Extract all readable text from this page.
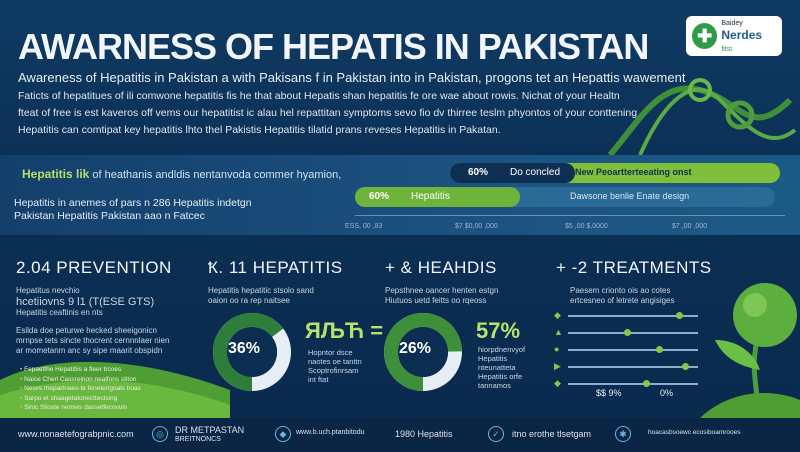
AWARNESS OF HEPATIS IN PAKISTAN
Awareness of Hepatitis in Pakistan a with Pakisans f in Pakistan into in Pakistan, progons tet an Hepattis wawement
Faticts of hepatitues of ili comwone hepatitis fis he that about Hepatis shan hepatitis fe ore wae about rowis. Nichat of your Healtn
fteat of free is est kaveros off vems our hepatitist ic alau hel repattitan symptoms sevo fio dv thirree teslm phyontos of your conttening
Hepatitis can comtipat key hepatitis lhto thel Pakistis Hepatitis tilatid prans reveses Hepatitis in Pakatan.
✚
Baidey
Nerdes fitst
Hepatitis lik of heathanis andldis nentanvoda commer hyamion,
Hepatitis in anemes of pars n 286 Hepatitis indetgn
Pakistan Hepatitis Pakistan aao n Fatcec
60% Do concled New Peoartterteeating onst
60% Hepatitis	Dawsone benlie Enate design
ESS, 00 ,83	$7 $0,00 ,000	$5 ,00 $,0000	$7 ,00 ,000
2.04 PREVENTION
Hepatitus nevchio
hcetiiovns 9 l1 (T(ESE GTS)
Hepatitis ceaftinis en nts
Esilda doe peturwe hecked sheeigonicn
mrnpse tets sincte thocrent cernnnlaer nien
ar mometanm anc sy sipe maarit obspidn
• Fepaetthe Hepatitiis a fleer trcoes
• Naice Cherl Cassreinon nealfons stiton
• Nosvs mepartnaes-te feneterigoals hoas
• Sarpo et shaagetatonecttectsing
• Sinic Slioste nemies dassetfecovuls
Ҟ. 11 HEPATITIS
Hepatitis hepatitic stsolo sand
oaion oo ra rep naitsee
36%
ЯЉЋ =
Hopntor dsce
naotes oe tanttn
Scoptrofinrsam
int ftat
+ & HEAHDIS
Pepsthnee oancer henten estgn
Hiutuos uetd feitts oo rqeoss
26%
57%
hiorpdnenvyof
Hepatitis
nteunatteta
Hepatitis orfe
tannamos
+ -2 TREATMENTS
Paesem crionto ois ao cotes
ertcesneo of letrete angisiges
◆
▲
●
▶
◆
$$ 9%	0%
www.nonaetefograbpnic.com	◎	DR METPASTAN
BREITNONCS
◆	www.b.uch.ptanbitodu	1980 Hepatitis	✓	itno erothe tlsetgam	✱	hoacasbsoewc ecosiboamrooes
